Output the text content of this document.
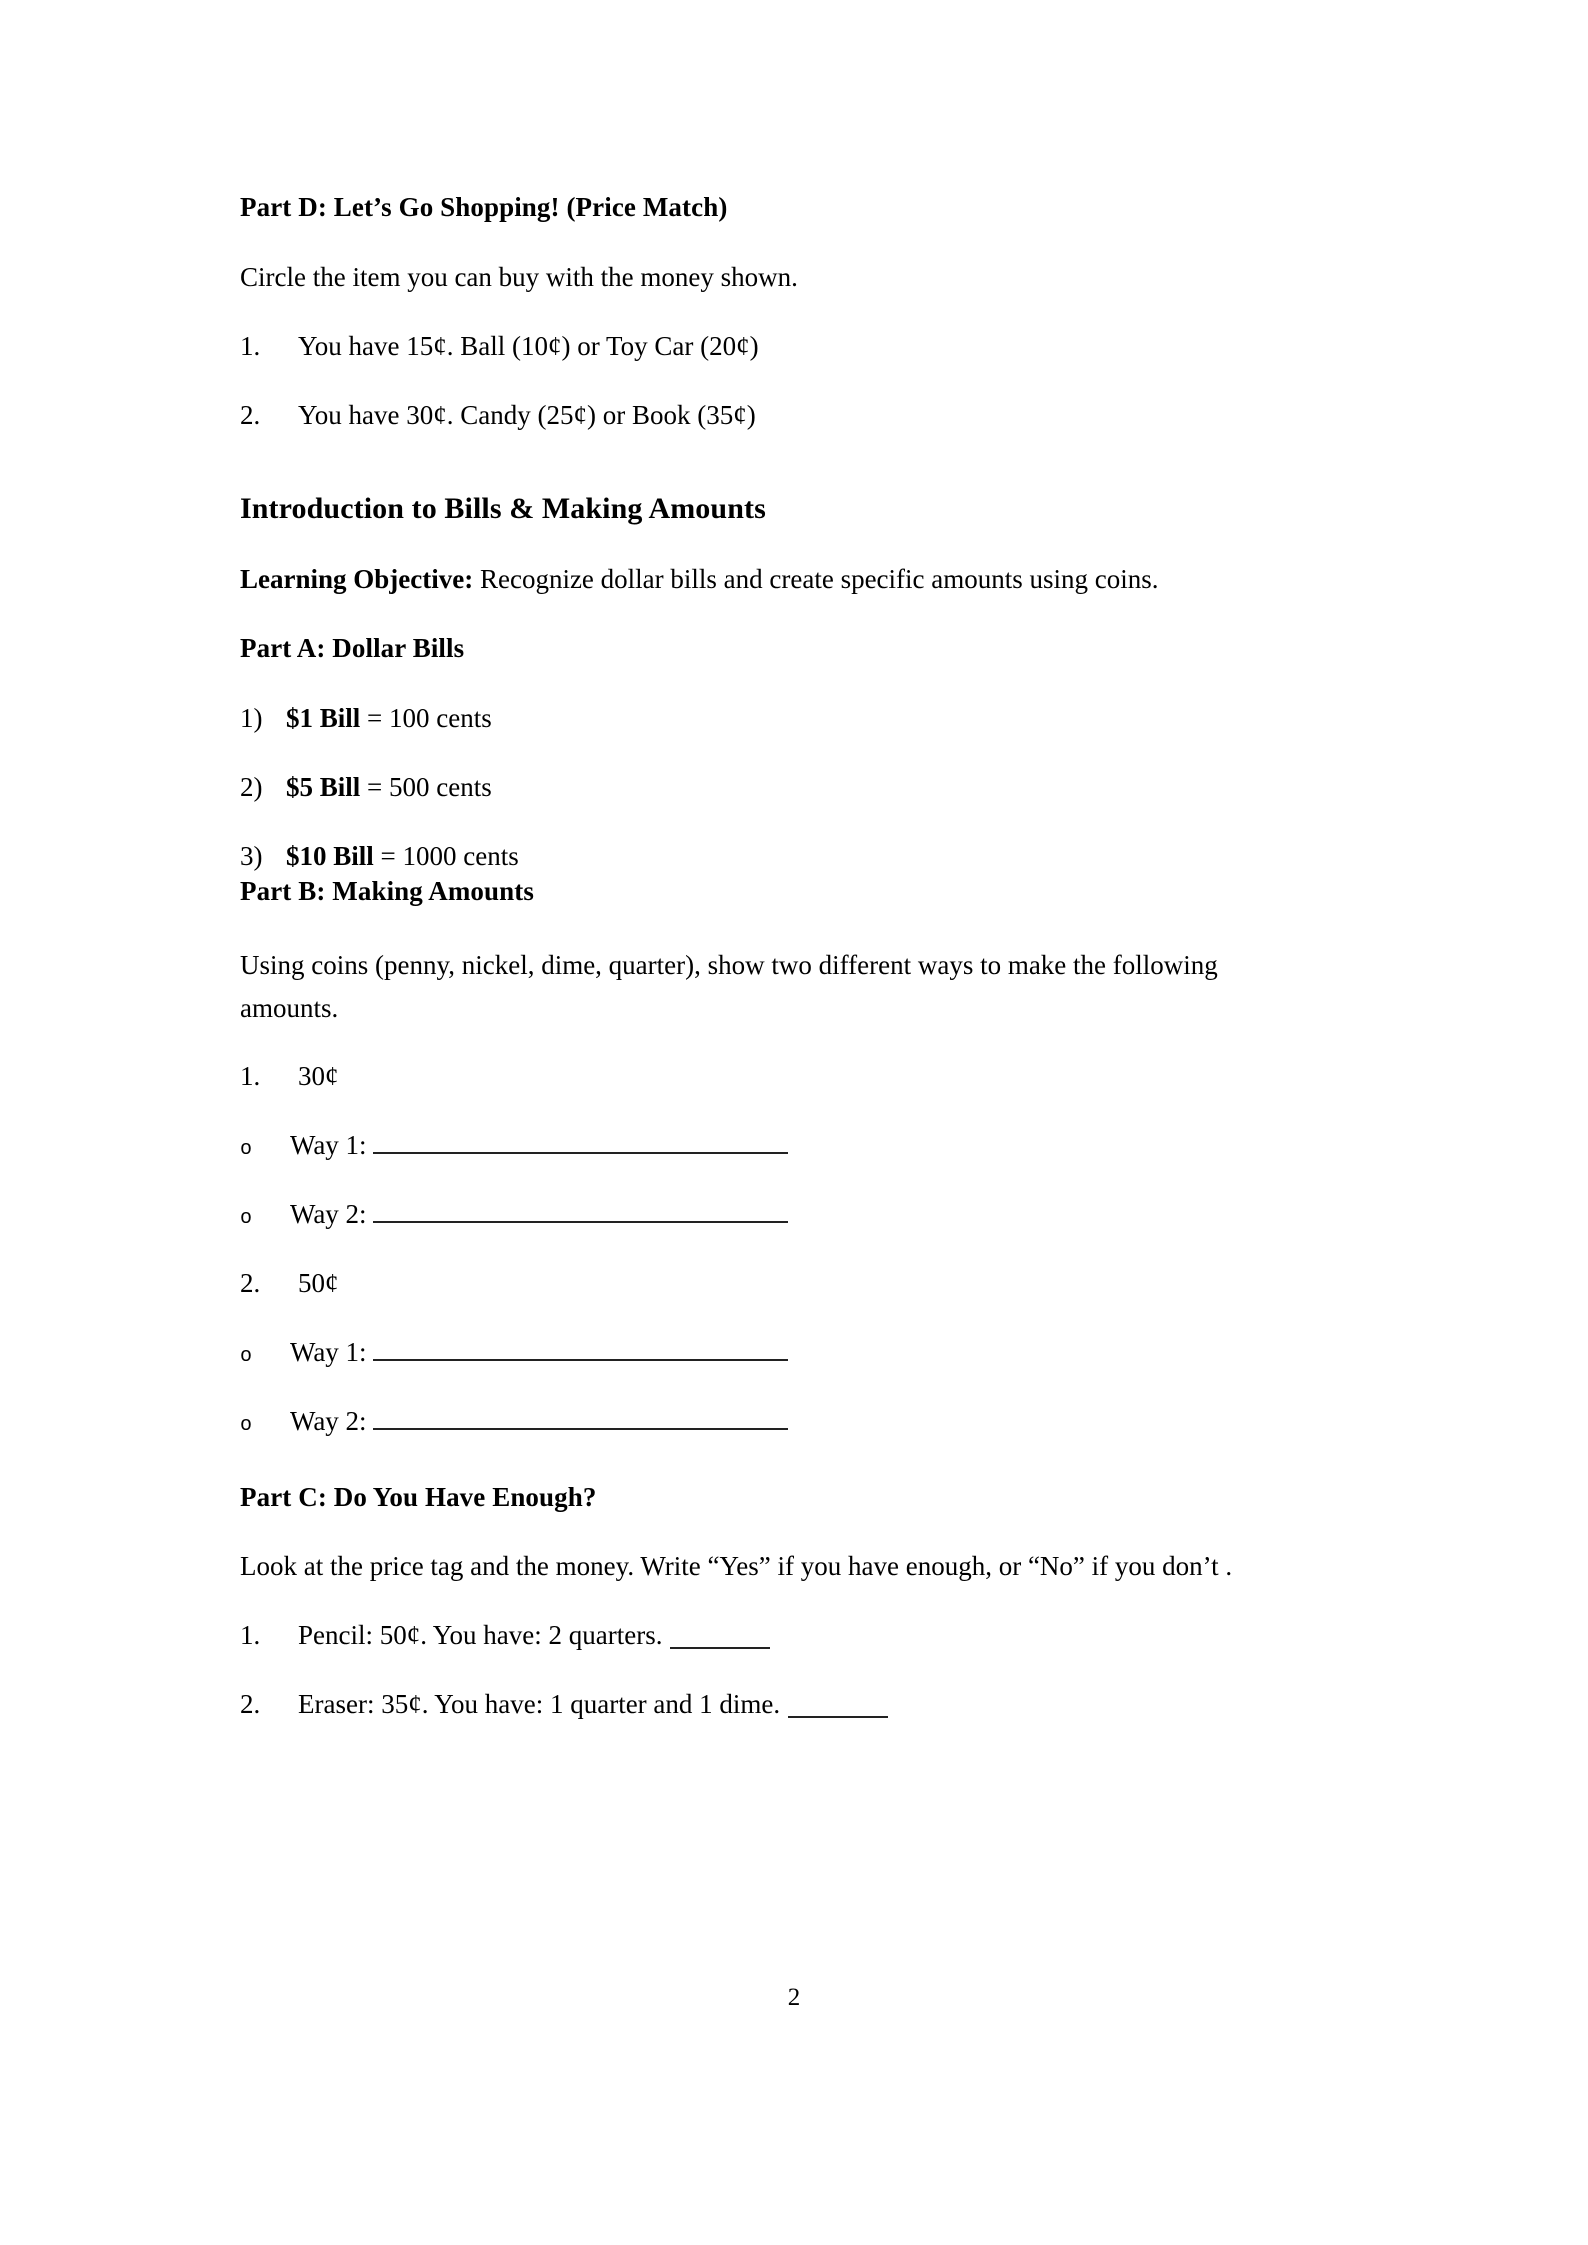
Part D: Let’s Go Shopping! (Price Match)
Circle the item you can buy with the money shown.
1.	You have 15¢. Ball (10¢) or Toy Car (20¢)
2.	You have 30¢. Candy (25¢) or Book (35¢)
Introduction to Bills & Making Amounts
Learning Objective: Recognize dollar bills and create specific amounts using coins.
Part A: Dollar Bills
1) $1 Bill = 100 cents
2) $5 Bill = 500 cents
3) $10 Bill = 1000 cents
Part B: Making Amounts
Using coins (penny, nickel, dime, quarter), show two different ways to make the following amounts.
1.	30¢
o	Way 1:
o	Way 2:
2.	50¢
o	Way 1:
o	Way 2:
Part C: Do You Have Enough?
Look at the price tag and the money. Write “Yes” if you have enough, or “No” if you don’t .
1.	Pencil: 50¢. You have: 2 quarters.
2.	Eraser: 35¢. You have: 1 quarter and 1 dime.
2
